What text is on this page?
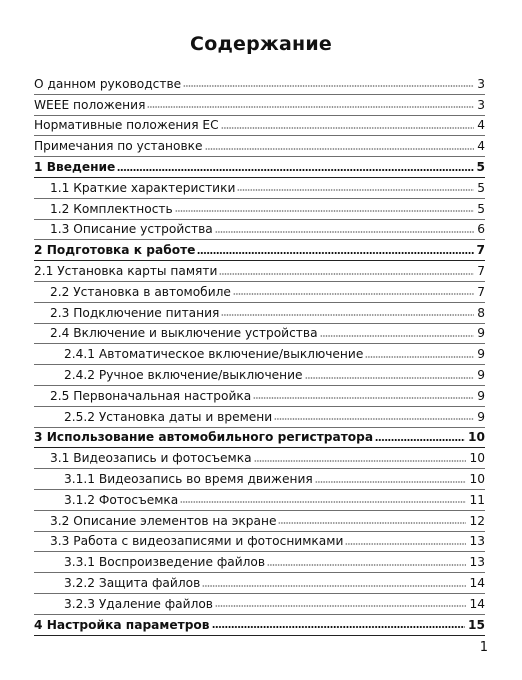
Содержание
О данном руководстве	3
WEEE положения	3
Нормативные положения ЕС	4
Примечания по установке	4
1 Введение	5
1.1 Краткие характеристики	5
1.2 Комплектность	5
1.3 Описание устройства	6
2 Подготовка к работе	7
2.1 Установка карты памяти	7
2.2 Установка в автомобиле	7
2.3 Подключение питания	8
2.4 Включение и выключение устройства	9
2.4.1 Автоматическое включение/выключение	9
2.4.2 Ручное включение/выключение	9
2.5 Первоначальная настройка	9
2.5.2 Установка даты и времени	9
3 Использование автомобильного регистратора	10
3.1 Видеозапись и фотосъемка	10
3.1.1 Видеозапись во время движения	10
3.1.2 Фотосъемка	11
3.2 Описание элементов на экране	12
3.3 Работа с видеозаписями и фотоснимками	13
3.3.1 Воспроизведение файлов	13
3.2.2 Защита файлов	14
3.2.3 Удаление файлов	14
4 Настройка параметров	15
1
